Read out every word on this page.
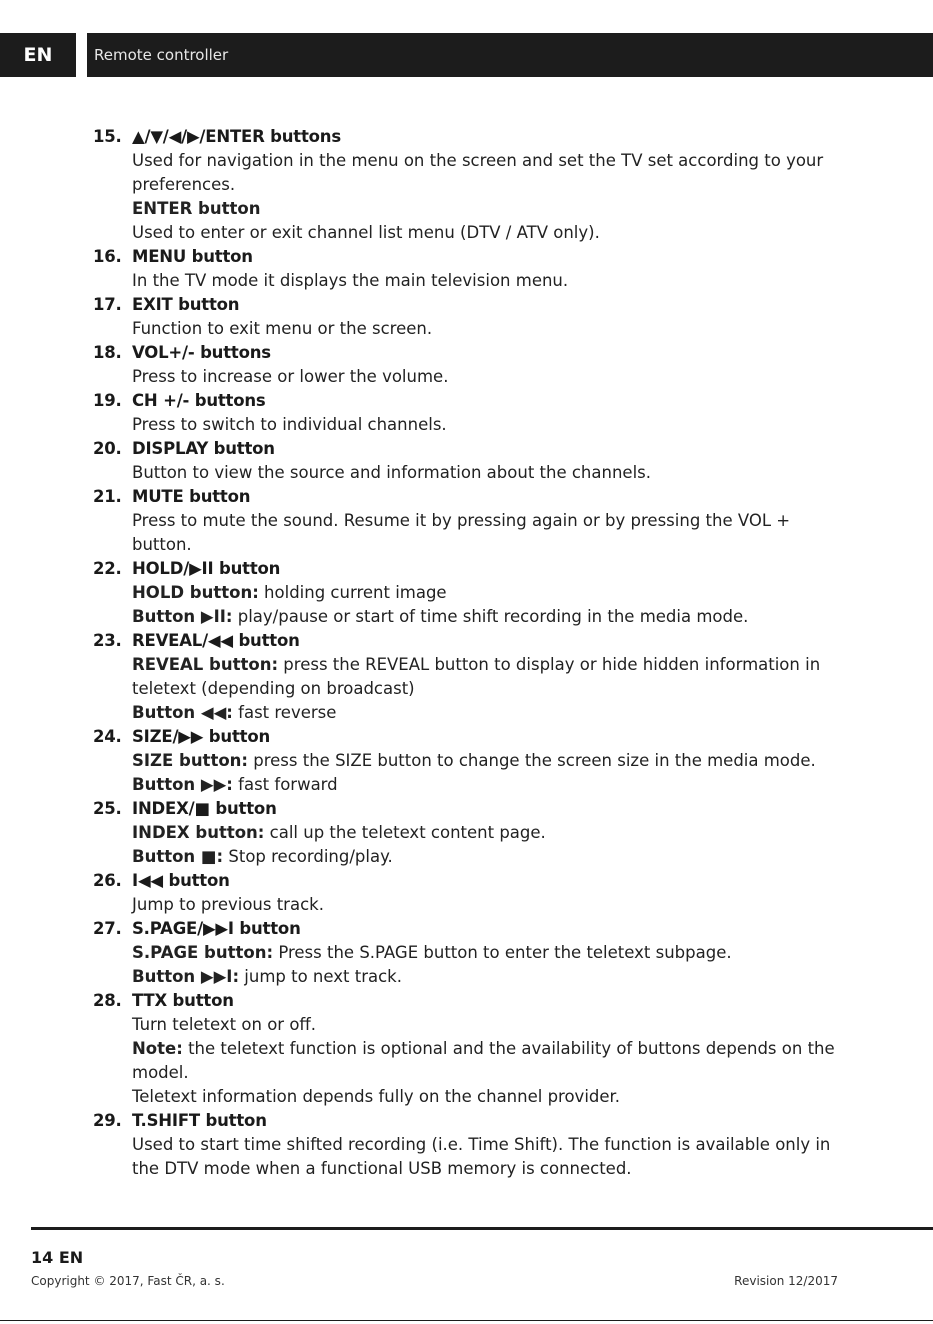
EN	Remote controller
15. ▲/▼/◀/▶/ENTER buttons
Used for navigation in the menu on the screen and set the TV set according to your
preferences.
ENTER button
Used to enter or exit channel list menu (DTV / ATV only).
16. MENU button
In the TV mode it displays the main television menu.
17. EXIT button
Function to exit menu or the screen.
18. VOL+/- buttons
Press to increase or lower the volume.
19. CH +/- buttons
Press to switch to individual channels.
20. DISPLAY button
Button to view the source and information about the channels.
21. MUTE button
Press to mute the sound. Resume it by pressing again or by pressing the VOL +
button.
22. HOLD/▶II button
HOLD button: holding current image
Button ▶II: play/pause or start of time shift recording in the media mode.
23. REVEAL/◀◀ button
REVEAL button: press the REVEAL button to display or hide hidden information in
teletext (depending on broadcast)
Button ◀◀: fast reverse
24. SIZE/▶▶ button
SIZE button: press the SIZE button to change the screen size in the media mode.
Button ▶▶: fast forward
25. INDEX/■ button
INDEX button: call up the teletext content page.
Button ■: Stop recording/play.
26. I◀◀ button
Jump to previous track.
27. S.PAGE/▶▶I button
S.PAGE button: Press the S.PAGE button to enter the teletext subpage.
Button ▶▶I: jump to next track.
28. TTX button
Turn teletext on or off.
Note: the teletext function is optional and the availability of buttons depends on the
model.
Teletext information depends fully on the channel provider.
29. T.SHIFT button
Used to start time shifted recording (i.e. Time Shift). The function is available only in
the DTV mode when a functional USB memory is connected.
14 EN
Copyright © 2017, Fast ČR, a. s.	Revision 12/2017
